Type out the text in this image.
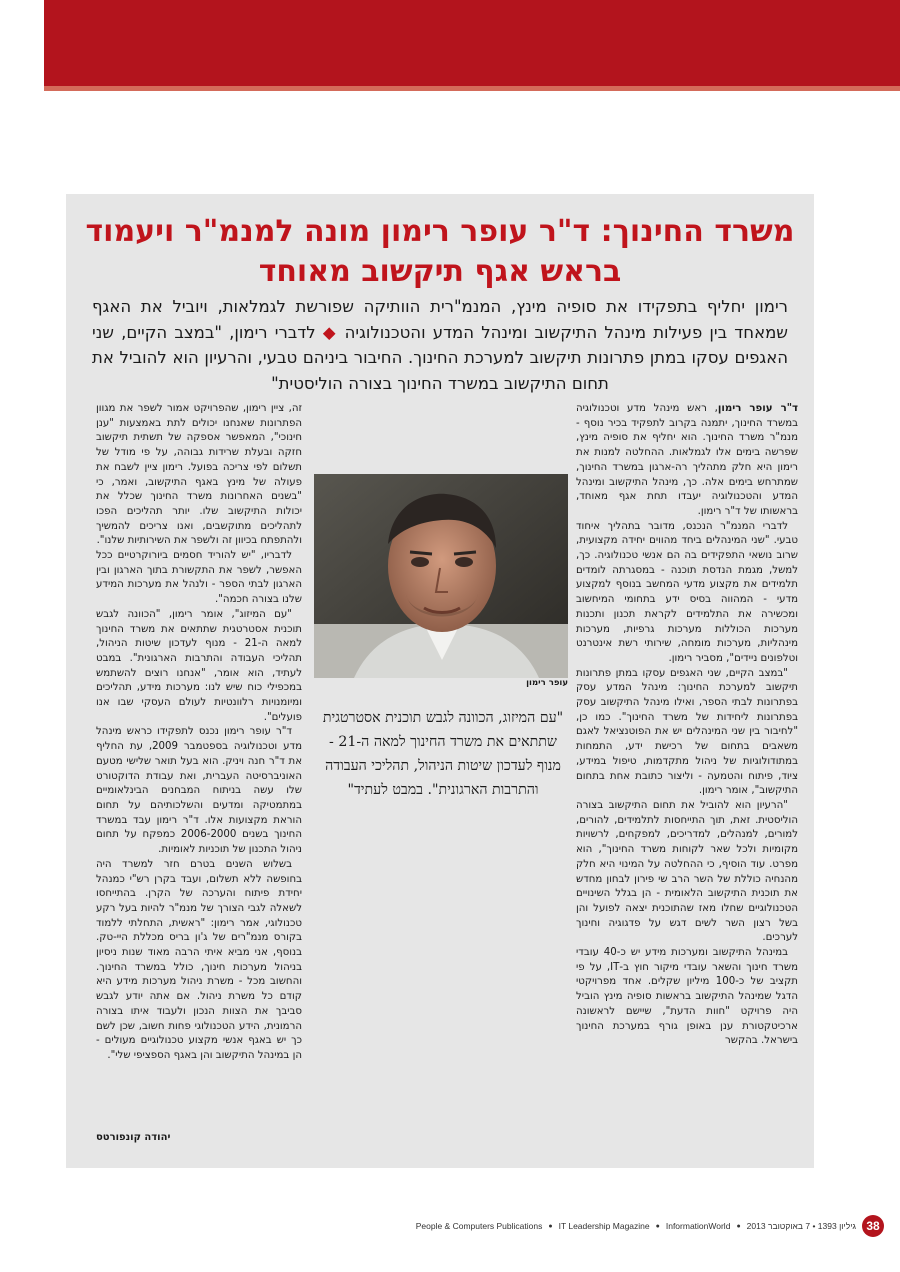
משרד החינוך: ד"ר עופר רימון מונה למנמ"ר ויעמוד בראש אגף תיקשוב מאוחד

רימון יחליף בתפקידו את סופיה מינץ, המנמ"רית הוותיקה שפורשת לגמלאות, ויוביל את האגף שמאחד בין פעילות מינהל התיקשוב ומינהל המדע והטכנולוגיה ◆ לדברי רימון, "במצב הקיים, שני האגפים עסקו במתן פתרונות תיקשוב למערכת החינוך. החיבור ביניהם טבעי, והרעיון הוא להוביל את תחום התיקשוב במשרד החינוך בצורה הוליסטית"

ד"ר עופר רימון, ראש מינהל מדע וטכנולוגיה במשרד החינוך, יתמנה בקרוב לתפקיד בכיר נוסף - מנמ"ר משרד החינוך. הוא יחליף את סופיה מינץ, שפרשה בימים אלו לגמלאות. ההחלטה למנות את רימון היא חלק מתהליך רה-ארגון במשרד החינוך, שמתרחש בימים אלה. כך, מינהל התיקשוב ומינהל המדע והטכנולוגיה יעבדו תחת אגף מאוחד, בראשותו של ד"ר רימון.

לדברי המנמ"ר הנכנס, מדובר בתהליך איחוד טבעי. "שני המינהלים ביחד מהווים יחידה מקצועית, שרוב נושאי התפקידים בה הם אנשי טכנולוגיה. כך, למשל, מגמת הנדסת תוכנה - במסגרתה לומדים תלמידים את מקצוע מדעי המחשב בנוסף למקצוע מדעי - המהווה בסיס ידע בתחומי המיחשוב ומכשירה את התלמידים לקראת תכנון ותכנות מערכות הכוללות מערכות גרפיות, מערכות מינהליות, מערכות מומחה, שירותי רשת אינטרנט וטלפונים ניידים", מסביר רימון.

"במצב הקיים, שני האגפים עסקו במתן פתרונות תיקשוב למערכת החינוך: מינהל המדע עסק בפתרונות לבתי הספר, ואילו מינהל התיקשוב עסק בפתרונות ליחידות של משרד החינוך". כמו כן, "לחיבור בין שני המינהלים יש את הפוטנציאל לאגם משאבים בתחום של רכישת ידע, התמחות במתודולוגיות של ניהול מתקדמות, טיפול במידע, ציוד, פיתוח והטמעה - וליצור כתובת אחת בתחום התיקשוב", אומר רימון.

"הרעיון הוא להוביל את תחום התיקשוב בצורה הוליסטית. זאת, תוך התייחסות לתלמידים, להורים, למורים, למנהלים, למדריכים, למפקחים, לרשויות מקומיות ולכל שאר לקוחות משרד החינוך", הוא מפרט. עוד הוסיף, כי ההחלטה על המינוי היא חלק מהנחיה כוללת של השר הרב שי פירון לבחון מחדש את תוכנית התיקשוב הלאומית - הן בגלל השינויים הטכנולוגיים שחלו מאז שהתוכנית יצאה לפועל והן בשל רצון השר לשים דגש על פדגוגיה וחינוך לערכים.

במינהל התיקשוב ומערכות מידע יש כ-40 עובדי משרד חינוך והשאר עובדי מיקור חוץ ב-IT, על פי תקציב של כ-100 מיליון שקלים. אחד מפרויקטי הדגל שמינהל התיקשוב בראשות סופיה מינץ הוביל היה פרויקט "חוות הדעת", שיישם לראשונה ארכיטקטורת ענן באופן גורף במערכת החינוך בישראל. בהקשר

זה, ציין רימון, שהפרויקט אמור לשפר את מגוון הפתרונות שאנחנו יכולים לתת באמצעות "ענן חינוכי", המאפשר אספקה של תשתית תיקשוב חזקה ובעלת שרידות גבוהה, על פי מודל של תשלום לפי צריכה בפועל. רימון ציין לשבח את פעולה של מינץ באגף התיקשוב, ואמר, כי "בשנים האחרונות משרד החינוך שכלל את יכולות התיקשוב שלו. יותר תהליכים הפכו לתהליכים מתוקשבים, ואנו צריכים להמשיך ולהתפתח בכיוון זה ולשפר את השירותיות שלנו".

לדבריו, "יש להוריד חסמים ביורוקרטיים ככל האפשר, לשפר את התקשורת בתוך הארגון ובין הארגון לבתי הספר - ולנהל את מערכות המידע שלנו בצורה חכמה".

"עם המיזוג", אומר רימון, "הכוונה לגבש תוכנית אסטרטגית שתתאים את משרד החינוך למאה ה-21 - מנוף לעדכון שיטות הניהול, תהליכי העבודה והתרבות הארגונית". במבט לעתיד, הוא אומר, "אנחנו רוצים להשתמש במכפילי כוח שיש לנו: מערכות מידע, תהליכים ומיומנויות רלוונטיות לעולם העסקי שבו אנו פועלים".

ד"ר עופר רימון נכנס לתפקידו כראש מינהל מדע וטכנולוגיה בספטמבר 2009, עת החליף את ד"ר חנה ויניק. הוא בעל תואר שלישי מטעם האוניברסיטה העברית, ואת עבודת הדוקטורט שלו עשה בניתוח המבחנים הבינלאומיים במתמטיקה ומדעים והשלכותיהם על תחום הוראת מקצועות אלו. ד"ר רימון עבד במשרד החינוך בשנים 2006-2000 כמפקח על תחום ניהול התכנון של תוכניות לאומיות.

בשלוש השנים בטרם חזר למשרד היה בחופשה ללא תשלום, ועבד בקרן רש"י כמנהל יחידת פיתוח והערכה של הקרן. בהתייחסו לשאלה לגבי הצורך של מנמ"ר להיות בעל רקע טכנולוגי, אמר רימון: "ראשית, התחלתי ללמוד בקורס מנמ"רים של ג'ון בריס מכללת היי-טק. בנוסף, אני מביא איתי הרבה מאוד שנות ניסיון בניהול מערכות חינוך, כולל במשרד החינוך. והחשוב מכל - משרת ניהול מערכות מידע היא קודם כל משרת ניהול. אם אתה יודע לגבש סביבך את הצוות הנכון ולעבוד איתו בצורה הרמונית, הידע הטכנולוגי פחות חשוב, שכן לשם כך יש באגף אנשי מקצוע טכנולוגיים מעולים - הן במינהל התיקשוב והן באגף הספציפי שלי".

עופר רימון

"עם המיזוג, הכוונה לגבש תוכנית אסטרטגית שתתאים את משרד החינוך למאה ה-21 - מנוף לעדכון שיטות הניהול, תהליכי העבודה והתרבות הארגונית". במבט לעתיד"

יהודה קונפורטס
People & Computers Publications ● IT Leadership Magazine ● InformationWorld ● גיליון 1393 • 7 באוקטובר 2013 38
